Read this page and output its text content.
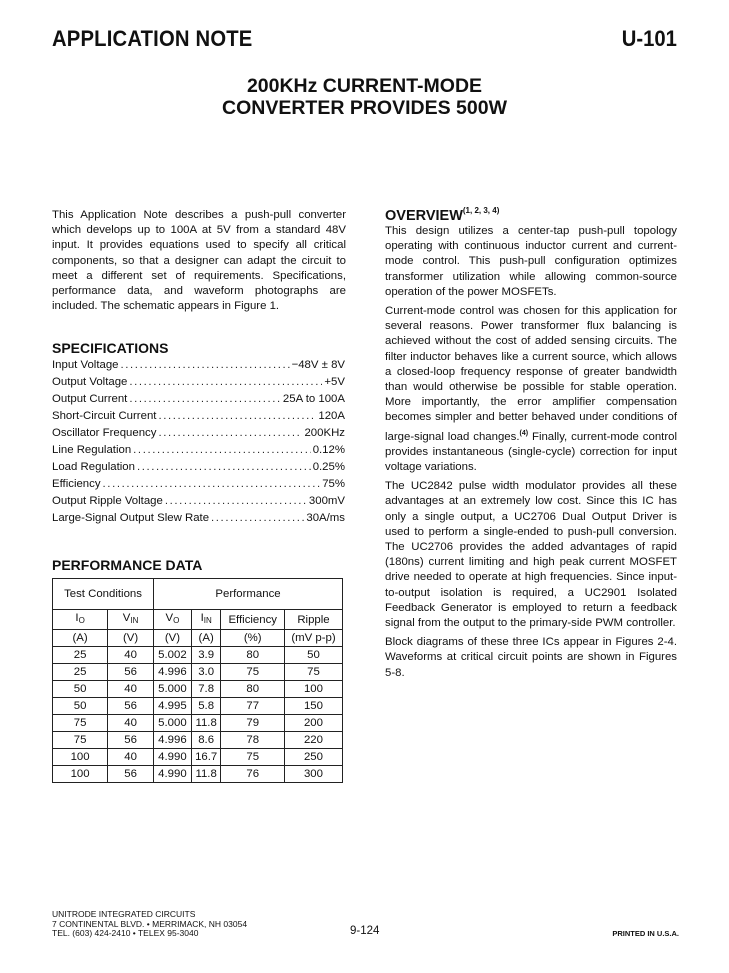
APPLICATION NOTE	U-101
200KHz CURRENT-MODE
CONVERTER PROVIDES 500W
This Application Note describes a push-pull converter which develops up to 100A at 5V from a standard 48V input. It provides equations used to specify all critical components, so that a designer can adapt the circuit to meet a different set of requirements. Specifications, performance data, and waveform photographs are included. The schematic appears in Figure 1.
SPECIFICATIONS
Input Voltage .....	−48V ± 8V
Output Voltage .....	+5V
Output Current .....	25A to 100A
Short-Circuit Current .....	120A
Oscillator Frequency .....	200KHz
Line Regulation .....	0.12%
Load Regulation .....	0.25%
Efficiency .....	75%
Output Ripple Voltage .....	300mV
Large-Signal Output Slew Rate .....	30A/ms
PERFORMANCE DATA
Test Conditions		Performance			
$I_O$	$V_{IN}$	$V_O$	$I_{IN}$	Efficiency	Ripple
(A)	(V)	(V)	(A)	(%)	(mV p-p)
25	40	5.002	3.9	80	50
25	56	4.996	3.0	75	75
50	40	5.000	7.8	80	100
50	56	4.995	5.8	77	150
75	40	5.000	11.8	79	200
75	56	4.996	8.6	78	220
100	40	4.990	16.7	75	250
100	56	4.990	11.8	76	300
OVERVIEW$^{(1, 2, 3, 4)}$

This design utilizes a center-tap push-pull topology operating with continuous inductor current and current-mode control. This push-pull configuration optimizes transformer utilization while allowing common-source operation of the power MOSFETs.

Current-mode control was chosen for this application for several reasons. Power transformer flux balancing is achieved without the cost of added sensing circuits. The filter inductor behaves like a current source, which allows a closed-loop frequency response of greater bandwidth than would otherwise be possible for stable operation. More importantly, the error amplifier compensation becomes simpler and better behaved under conditions of large-signal load changes.$^{(4)}$ Finally, current-mode control provides instantaneous (single-cycle) correction for input voltage variations.

The UC2842 pulse width modulator provides all these advantages at an extremely low cost. Since this IC has only a single output, a UC2706 Dual Output Driver is used to perform a single-ended to push-pull conversion. The UC2706 provides the added advantages of rapid (180ns) current limiting and high peak current MOSFET drive needed to operate at high frequencies. Since input-to-output isolation is required, a UC2901 Isolated Feedback Generator is employed to return a feedback signal from the output to the primary-side PWM controller.

Block diagrams of these three ICs appear in Figures 2-4. Waveforms at critical circuit points are shown in Figures 5-8.

UNITRODE INTEGRATED CIRCUITS
7 CONTINENTAL BLVD. • MERRIMACK, NH 03054
TEL. (603) 424-2410 • TELEX 95-3040	9-124	PRINTED IN U.S.A.
